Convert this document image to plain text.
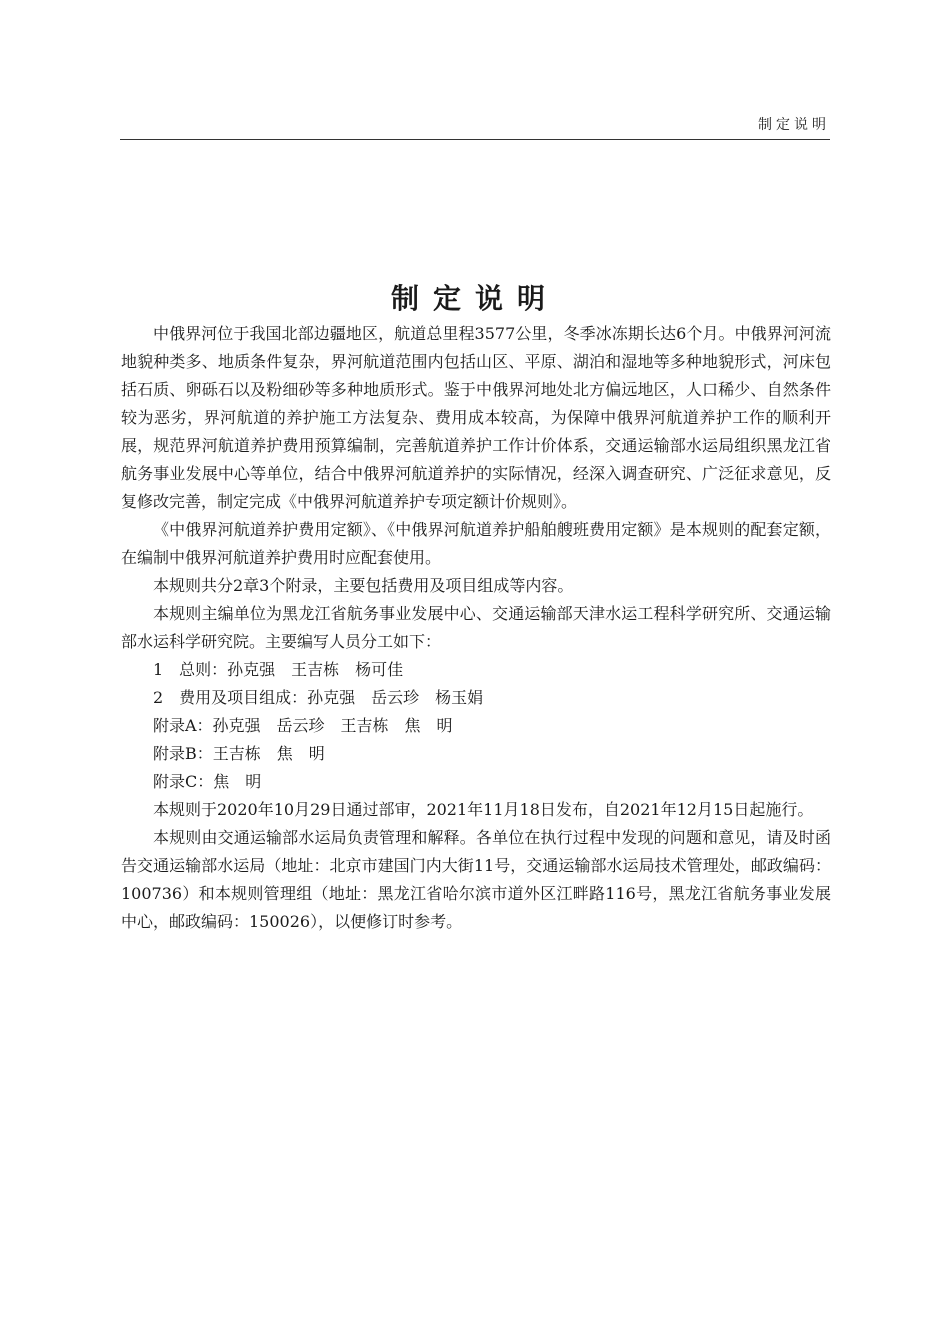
制定说明
制定说明

中俄界河位于我国北部边疆地区，航道总里程3577公里，冬季冰冻期长达6个月。中俄界河河流地貌种类多、地质条件复杂，界河航道范围内包括山区、平原、湖泊和湿地等多种地貌形式，河床包括石质、卵砾石以及粉细砂等多种地质形式。鉴于中俄界河地处北方偏远地区，人口稀少、自然条件较为恶劣，界河航道的养护施工方法复杂、费用成本较高，为保障中俄界河航道养护工作的顺利开展，规范界河航道养护费用预算编制，完善航道养护工作计价体系，交通运输部水运局组织黑龙江省航务事业发展中心等单位，结合中俄界河航道养护的实际情况，经深入调查研究、广泛征求意见，反复修改完善，制定完成《中俄界河航道养护专项定额计价规则》。

《中俄界河航道养护费用定额》、《中俄界河航道养护船舶艘班费用定额》是本规则的配套定额，在编制中俄界河航道养护费用时应配套使用。

本规则共分2章3个附录，主要包括费用及项目组成等内容。

本规则主编单位为黑龙江省航务事业发展中心、交通运输部天津水运工程科学研究所、交通运输部水运科学研究院。主要编写人员分工如下：

1　总则：孙克强　王吉栋　杨可佳

2　费用及项目组成：孙克强　岳云珍　杨玉娟

附录A：孙克强　岳云珍　王吉栋　焦　明

附录B：王吉栋　焦　明

附录C：焦　明

本规则于2020年10月29日通过部审，2021年11月18日发布，自2021年12月15日起施行。

本规则由交通运输部水运局负责管理和解释。各单位在执行过程中发现的问题和意见，请及时函告交通运输部水运局（地址：北京市建国门内大街11号，交通运输部水运局技术管理处，邮政编码：100736）和本规则管理组（地址：黑龙江省哈尔滨市道外区江畔路116号，黑龙江省航务事业发展中心，邮政编码：150026），以便修订时参考。
